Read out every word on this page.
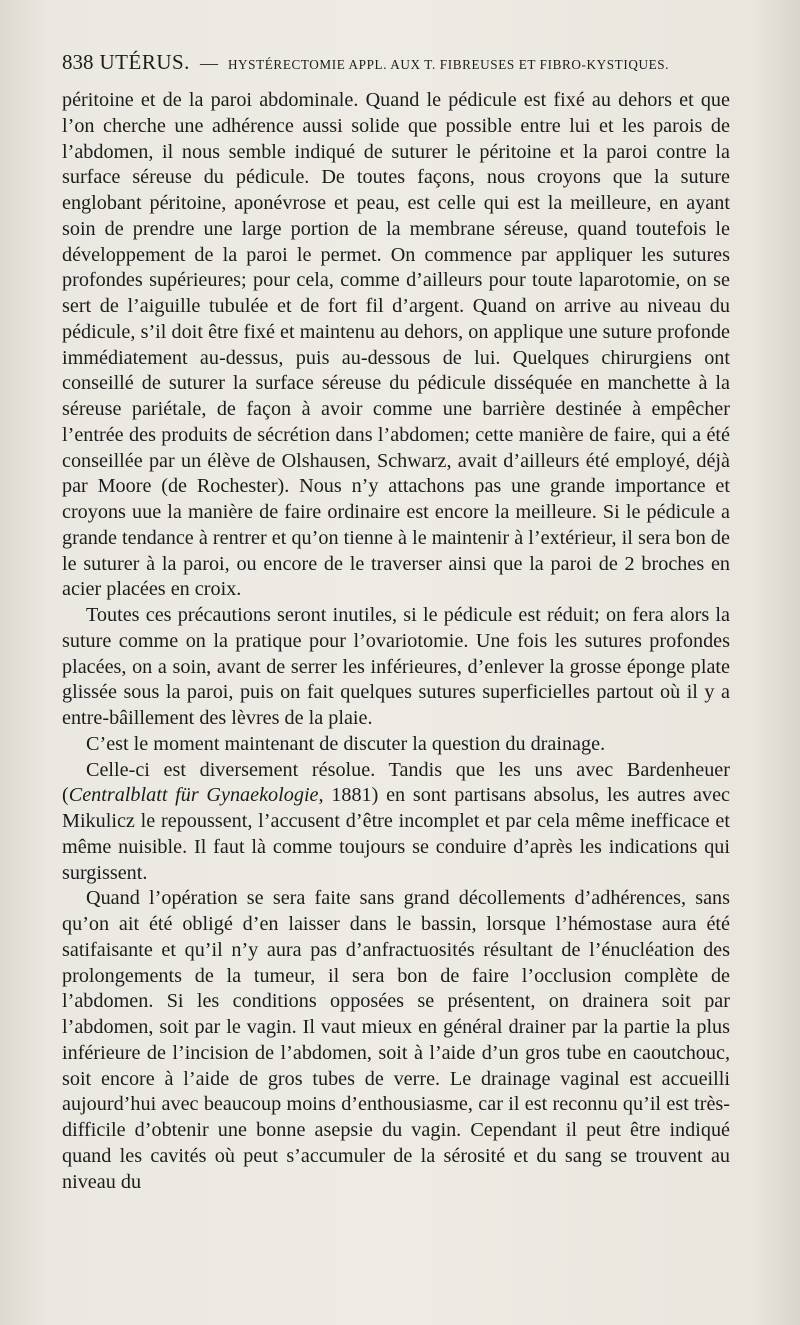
838 UTÉRUS. — HYSTÉRECTOMIE APPL. AUX T. FIBREUSES ET FIBRO-KYSTIQUES.

péritoine et de la paroi abdominale. Quand le pédicule est fixé au dehors et que l’on cherche une adhérence aussi solide que possible entre lui et les parois de l’abdomen, il nous semble indiqué de suturer le péritoine et la paroi contre la surface séreuse du pédicule. De toutes façons, nous croyons que la suture englobant péritoine, aponévrose et peau, est celle qui est la meilleure, en ayant soin de prendre une large portion de la membrane séreuse, quand toutefois le développement de la paroi le permet. On commence par appliquer les sutures profondes supérieures; pour cela, comme d’ailleurs pour toute laparotomie, on se sert de l’aiguille tubulée et de fort fil d’argent. Quand on arrive au niveau du pédicule, s’il doit être fixé et maintenu au dehors, on applique une suture profonde immédiatement au-dessus, puis au-dessous de lui. Quelques chirurgiens ont conseillé de suturer la surface séreuse du pédicule disséquée en manchette à la séreuse pariétale, de façon à avoir comme une barrière destinée à empêcher l’entrée des produits de sécrétion dans l’abdomen; cette manière de faire, qui a été conseillée par un élève de Olshausen, Schwarz, avait d’ailleurs été employé, déjà par Moore (de Rochester). Nous n’y attachons pas une grande importance et croyons uue la manière de faire ordinaire est encore la meilleure. Si le pédicule a grande tendance à rentrer et qu’on tienne à le maintenir à l’extérieur, il sera bon de le suturer à la paroi, ou encore de le traverser ainsi que la paroi de 2 broches en acier placées en croix.

Toutes ces précautions seront inutiles, si le pédicule est réduit; on fera alors la suture comme on la pratique pour l’ovariotomie. Une fois les sutures profondes placées, on a soin, avant de serrer les inférieures, d’enlever la grosse éponge plate glissée sous la paroi, puis on fait quelques sutures superficielles partout où il y a entre-bâillement des lèvres de la plaie.

C’est le moment maintenant de discuter la question du drainage.

Celle-ci est diversement résolue. Tandis que les uns avec Bardenheuer (Centralblatt für Gynaekologie, 1881) en sont partisans absolus, les autres avec Mikulicz le repoussent, l’accusent d’être incomplet et par cela même inefficace et même nuisible. Il faut là comme toujours se conduire d’après les indications qui surgissent.

Quand l’opération se sera faite sans grand décollements d’adhérences, sans qu’on ait été obligé d’en laisser dans le bassin, lorsque l’hémostase aura été satifaisante et qu’il n’y aura pas d’anfractuosités résultant de l’énucléation des prolongements de la tumeur, il sera bon de faire l’occlusion complète de l’abdomen. Si les conditions opposées se présentent, on drainera soit par l’abdomen, soit par le vagin. Il vaut mieux en général drainer par la partie la plus inférieure de l’incision de l’abdomen, soit à l’aide d’un gros tube en caoutchouc, soit encore à l’aide de gros tubes de verre. Le drainage vaginal est accueilli aujourd’hui avec beaucoup moins d’enthousiasme, car il est reconnu qu’il est très-difficile d’obtenir une bonne asepsie du vagin. Cependant il peut être indiqué quand les cavités où peut s’accumuler de la sérosité et du sang se trouvent au niveau du
